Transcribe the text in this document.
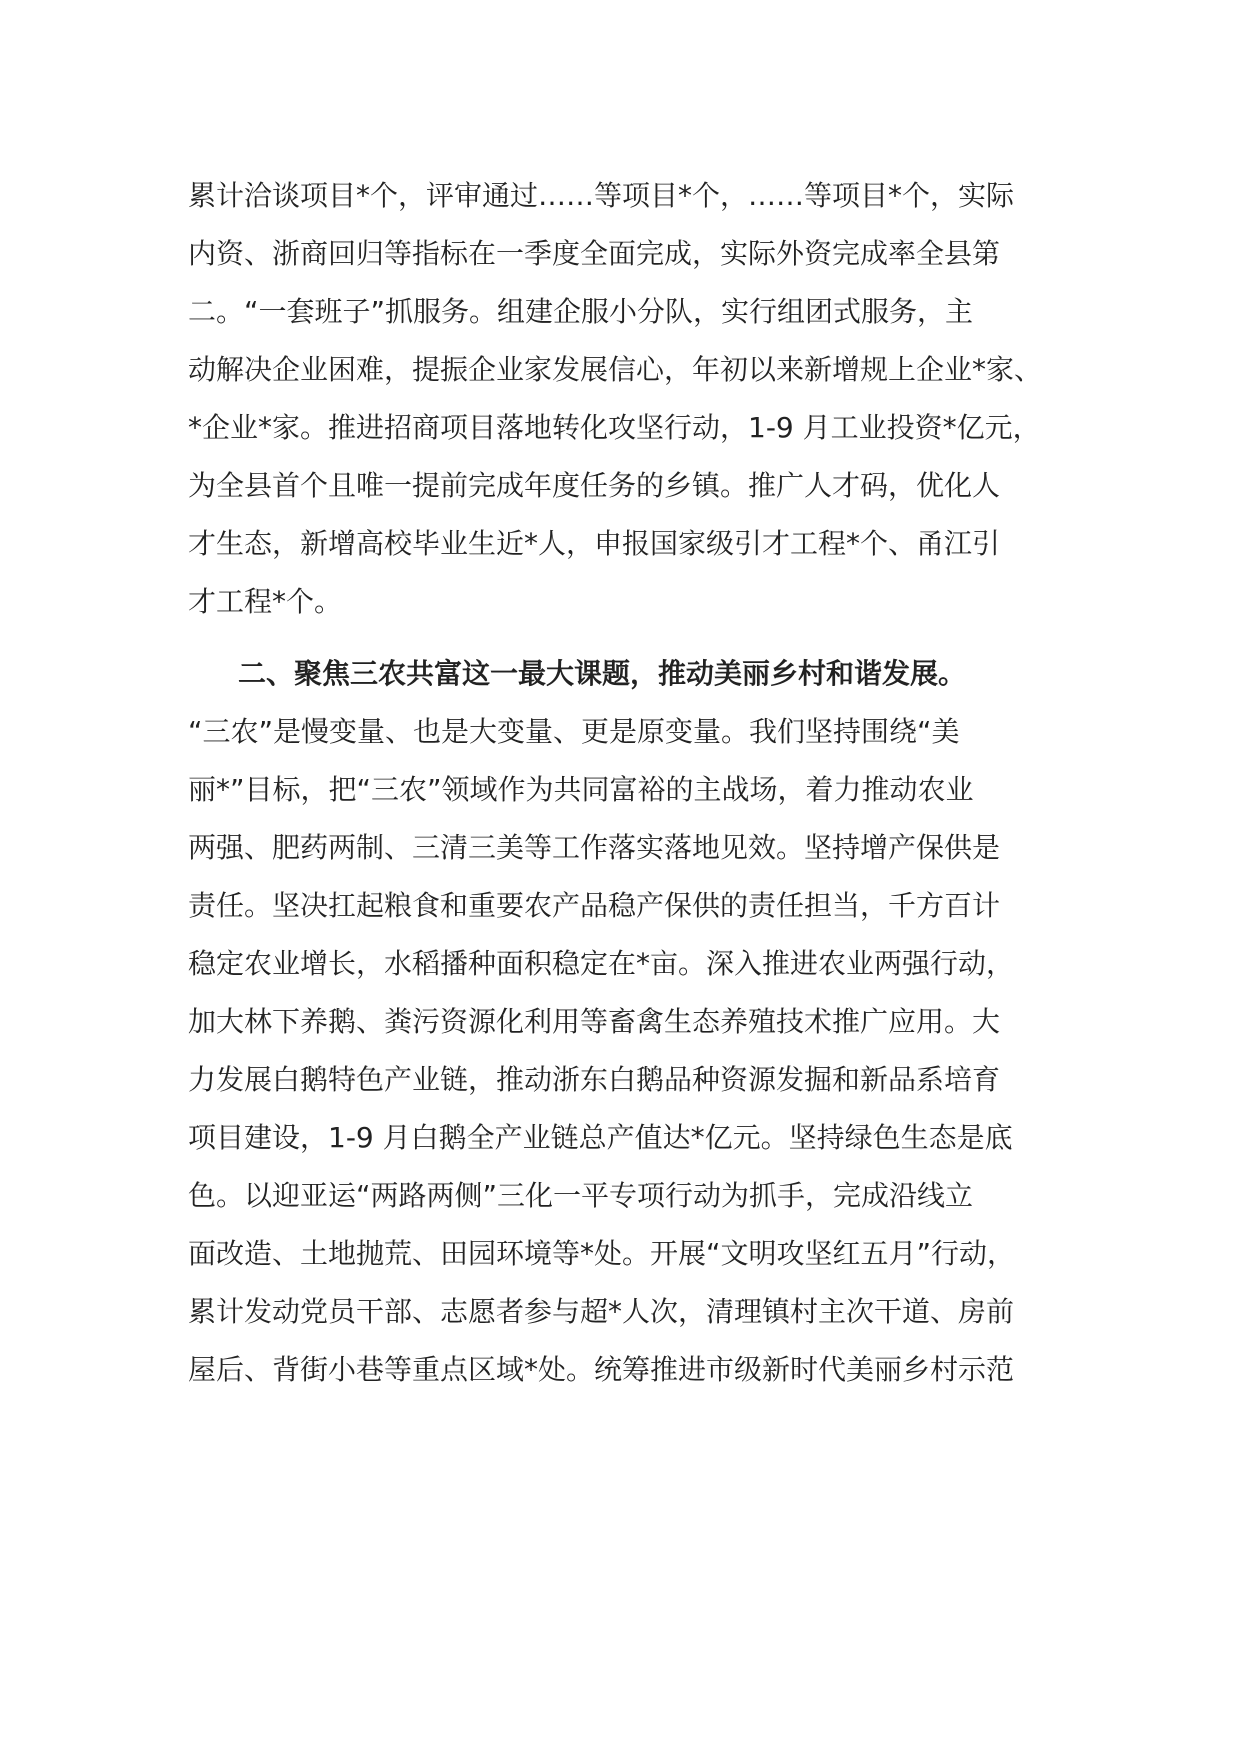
累计洽谈项目*个，评审通过……等项目*个，……等项目*个，实际

内资、浙商回归等指标在一季度全面完成，实际外资完成率全县第

二。“一套班子”抓服务。组建企服小分队，实行组团式服务，主

动解决企业困难，提振企业家发展信心，年初以来新增规上企业*家、

*企业*家。推进招商项目落地转化攻坚行动，1-9 月工业投资*亿元，

为全县首个且唯一提前完成年度任务的乡镇。推广人才码，优化人

才生态，新增高校毕业生近*人，申报国家级引才工程*个、甬江引

才工程*个。

二、聚焦三农共富这一最大课题，推动美丽乡村和谐发展。

“三农”是慢变量、也是大变量、更是原变量。我们坚持围绕“美

丽*”目标，把“三农”领域作为共同富裕的主战场，着力推动农业

两强、肥药两制、三清三美等工作落实落地见效。坚持增产保供是

责任。坚决扛起粮食和重要农产品稳产保供的责任担当，千方百计

稳定农业增长，水稻播种面积稳定在*亩。深入推进农业两强行动，

加大林下养鹅、粪污资源化利用等畜禽生态养殖技术推广应用。大

力发展白鹅特色产业链，推动浙东白鹅品种资源发掘和新品系培育

项目建设，1-9 月白鹅全产业链总产值达*亿元。坚持绿色生态是底

色。以迎亚运“两路两侧”三化一平专项行动为抓手，完成沿线立

面改造、土地抛荒、田园环境等*处。开展“文明攻坚红五月”行动，

累计发动党员干部、志愿者参与超*人次，清理镇村主次干道、房前

屋后、背街小巷等重点区域*处。统筹推进市级新时代美丽乡村示范
